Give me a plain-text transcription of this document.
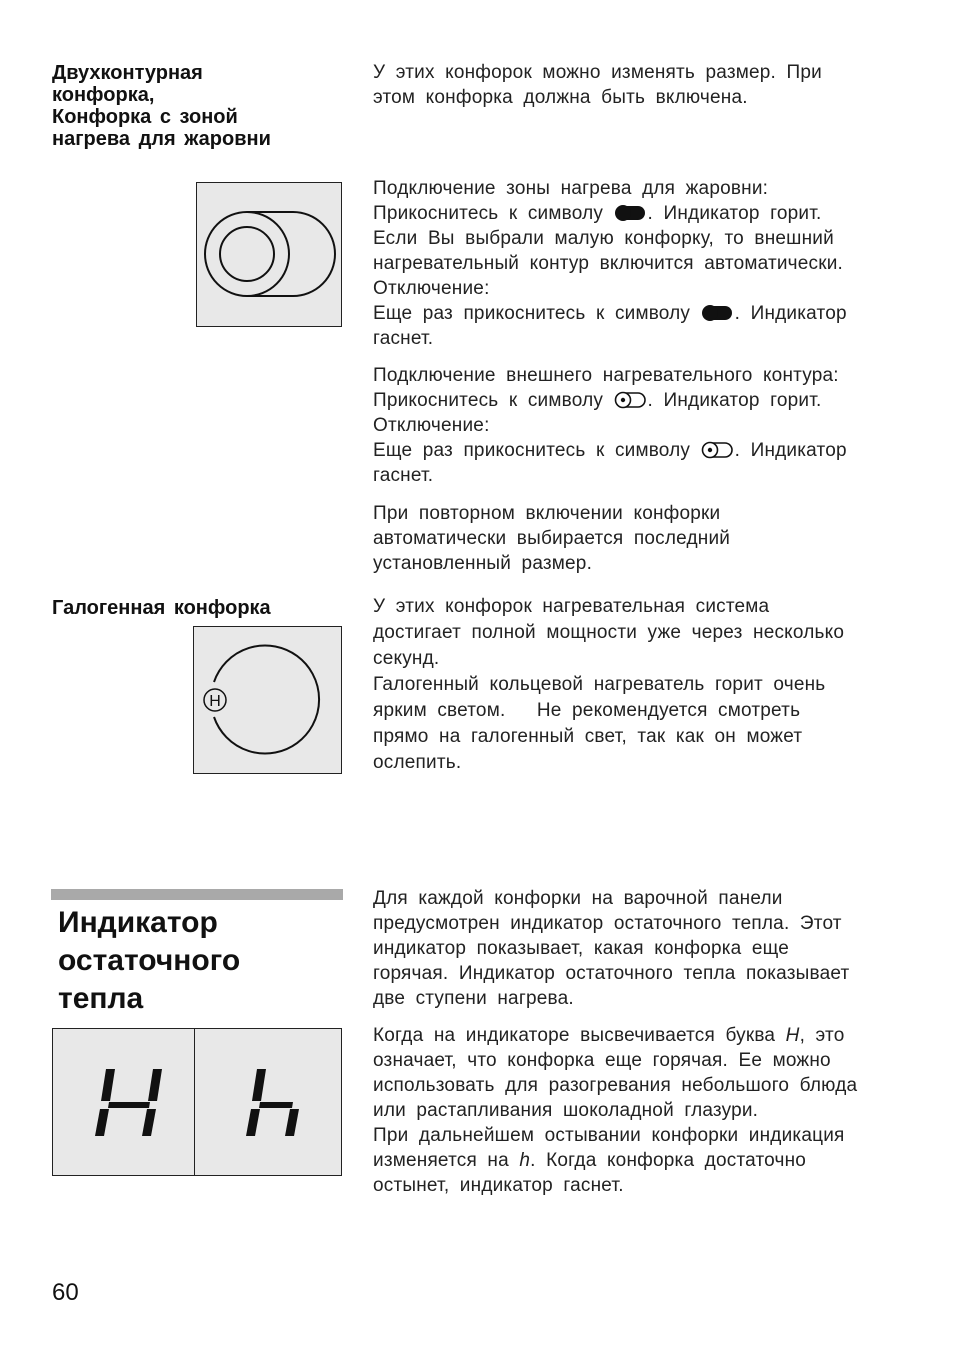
Двухконтурная

конфорка,

Конфорка с зоной

нагрева для жаровни

У этих конфорок можно изменять размер. При

этом конфорка должна быть включена.

Подключение зоны нагрева для жаровни:

Прикоснитесь к символу . Индикатор горит.

Если Вы выбрали малую конфорку, то внешний

нагревательный контур включится автоматически.

Отключение:

Еще раз прикоснитесь к символу . Индикатор

гаснет.

Подключение внешнего нагревательного контура:

Прикоснитесь к символу . Индикатор горит.

Отключение:

Еще раз прикоснитесь к символу . Индикатор

гаснет.

При повторном включении конфорки

автоматически выбирается последний

установленный размер.

Галогенная конфорка

H

У этих конфорок нагревательная система

достигает полной мощности уже через несколько

секунд.

Галогенный кольцевой нагреватель горит очень

ярким светом.   Не рекомендуется смотреть

прямо на галогенный свет, так как он может

ослепить.

Индикатор

остаточного

тепла

Для каждой конфорки на варочной панели

предусмотрен индикатор остаточного тепла. Этот

индикатор показывает, какая конфорка еще

горячая. Индикатор остаточного тепла показывает

две ступени нагрева.

Когда на индикаторе высвечивается буква H, это

означает, что конфорка еще горячая. Ее можно

использовать для разогревания небольшого блюда

или растапливания шоколадной глазури.

При дальнейшем остывании конфорки индикация

изменяется на h. Когда конфорка достаточно

остынет, индикатор гаснет.

60
